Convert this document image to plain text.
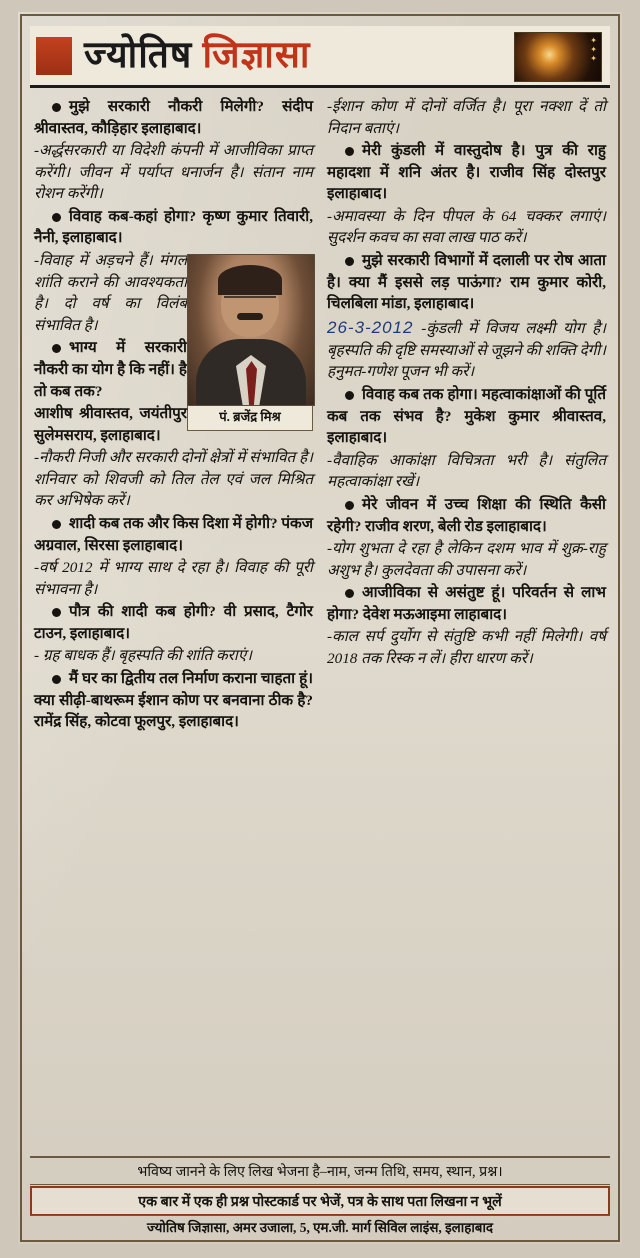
ज्योतिष जिज्ञासा	✦
✦
✦

मुझे सरकारी नौकरी मिलेगी? संदीप श्रीवास्तव, कौड़िहार इलाहाबाद।

-अर्द्धसरकारी या विदेशी कंपनी में आजीविका प्राप्त करेंगी। जीवन में पर्याप्त धनार्जन है। संतान नाम रोशन करेंगी।

विवाह कब-कहां होगा? कृष्ण कुमार तिवारी, नैनी, इलाहाबाद।

पं. ब्रजेंद्र मिश्र

-विवाह में अड़चने हैं। मंगल शांति कराने की आवश्यकता है। दो वर्ष का विलंब संभावित है।

भाग्य में सरकारी नौकरी का योग है कि नहीं। है तो कब तक?

आशीष श्रीवास्तव, जयंतीपुर सुलेमसराय, इलाहाबाद।

-नौकरी निजी और सरकारी दोनों क्षेत्रों में संभावित है। शनिवार को शिवजी को तिल तेल एवं जल मिश्रित कर अभिषेक करें।

शादी कब तक और किस दिशा में होगी? पंकज अग्रवाल, सिरसा इलाहाबाद।

-वर्ष 2012 में भाग्य साथ दे रहा है। विवाह की पूरी संभावना है।

पौत्र की शादी कब होगी? वी प्रसाद, टैगोर टाउन, इलाहाबाद।

- ग्रह बाधक हैं। बृहस्पति की शांति कराएं।

मैं घर का द्वितीय तल निर्माण कराना चाहता हूं। क्या सीढ़ी-बाथरूम ईशान कोण पर बनवाना ठीक है? रामेंद्र सिंह, कोटवा फूलपुर, इलाहाबाद।

-ईशान कोण में दोनों वर्जित है। पूरा नक्शा दें तो निदान बताएं।

मेरी कुंडली में वास्तुदोष है। पुत्र की राहु महादशा में शनि अंतर है। राजीव सिंह दोस्तपुर इलाहाबाद।

-अमावस्या के दिन पीपल के 64 चक्कर लगाएं। सुदर्शन कवच का सवा लाख पाठ करें।

मुझे सरकारी विभागों में दलाली पर रोष आता है। क्या मैं इससे लड़ पाऊंगा? राम कुमार कोरी, चिलबिला मांडा, इलाहाबाद।

26-3-2012 -कुंडली में विजय लक्ष्मी योग है। बृहस्पति की दृष्टि समस्याओं से जूझने की शक्ति देगी। हनुमत-गणेश पूजन भी करें।

विवाह कब तक होगा। महत्वाकांक्षाओं की पूर्ति कब तक संभव है? मुकेश कुमार श्रीवास्तव, इलाहाबाद।

-वैवाहिक आकांक्षा विचित्रता भरी है। संतुलित महत्वाकांक्षा रखें।

मेरे जीवन में उच्च शिक्षा की स्थिति कैसी रहेगी? राजीव शरण, बेली रोड इलाहाबाद।

-योग शुभता दे रहा है लेकिन दशम भाव में शुक्र-राहु अशुभ है। कुलदेवता की उपासना करें।

आजीविका से असंतुष्ट हूं। परिवर्तन से लाभ होगा? देवेश मऊआइमा लाहाबाद।

-काल सर्प दुर्योग से संतुष्टि कभी नहीं मिलेगी। वर्ष 2018 तक रिस्क न लें। हीरा धारण करें।

भविष्य जानने के लिए लिख भेजना है–नाम, जन्म तिथि, समय, स्थान, प्रश्न।
एक बार में एक ही प्रश्न पोस्टकार्ड पर भेजें, पत्र के साथ पता लिखना न भूलें
ज्योतिष जिज्ञासा, अमर उजाला, 5, एम.जी. मार्ग सिविल लाइंस, इलाहाबाद
